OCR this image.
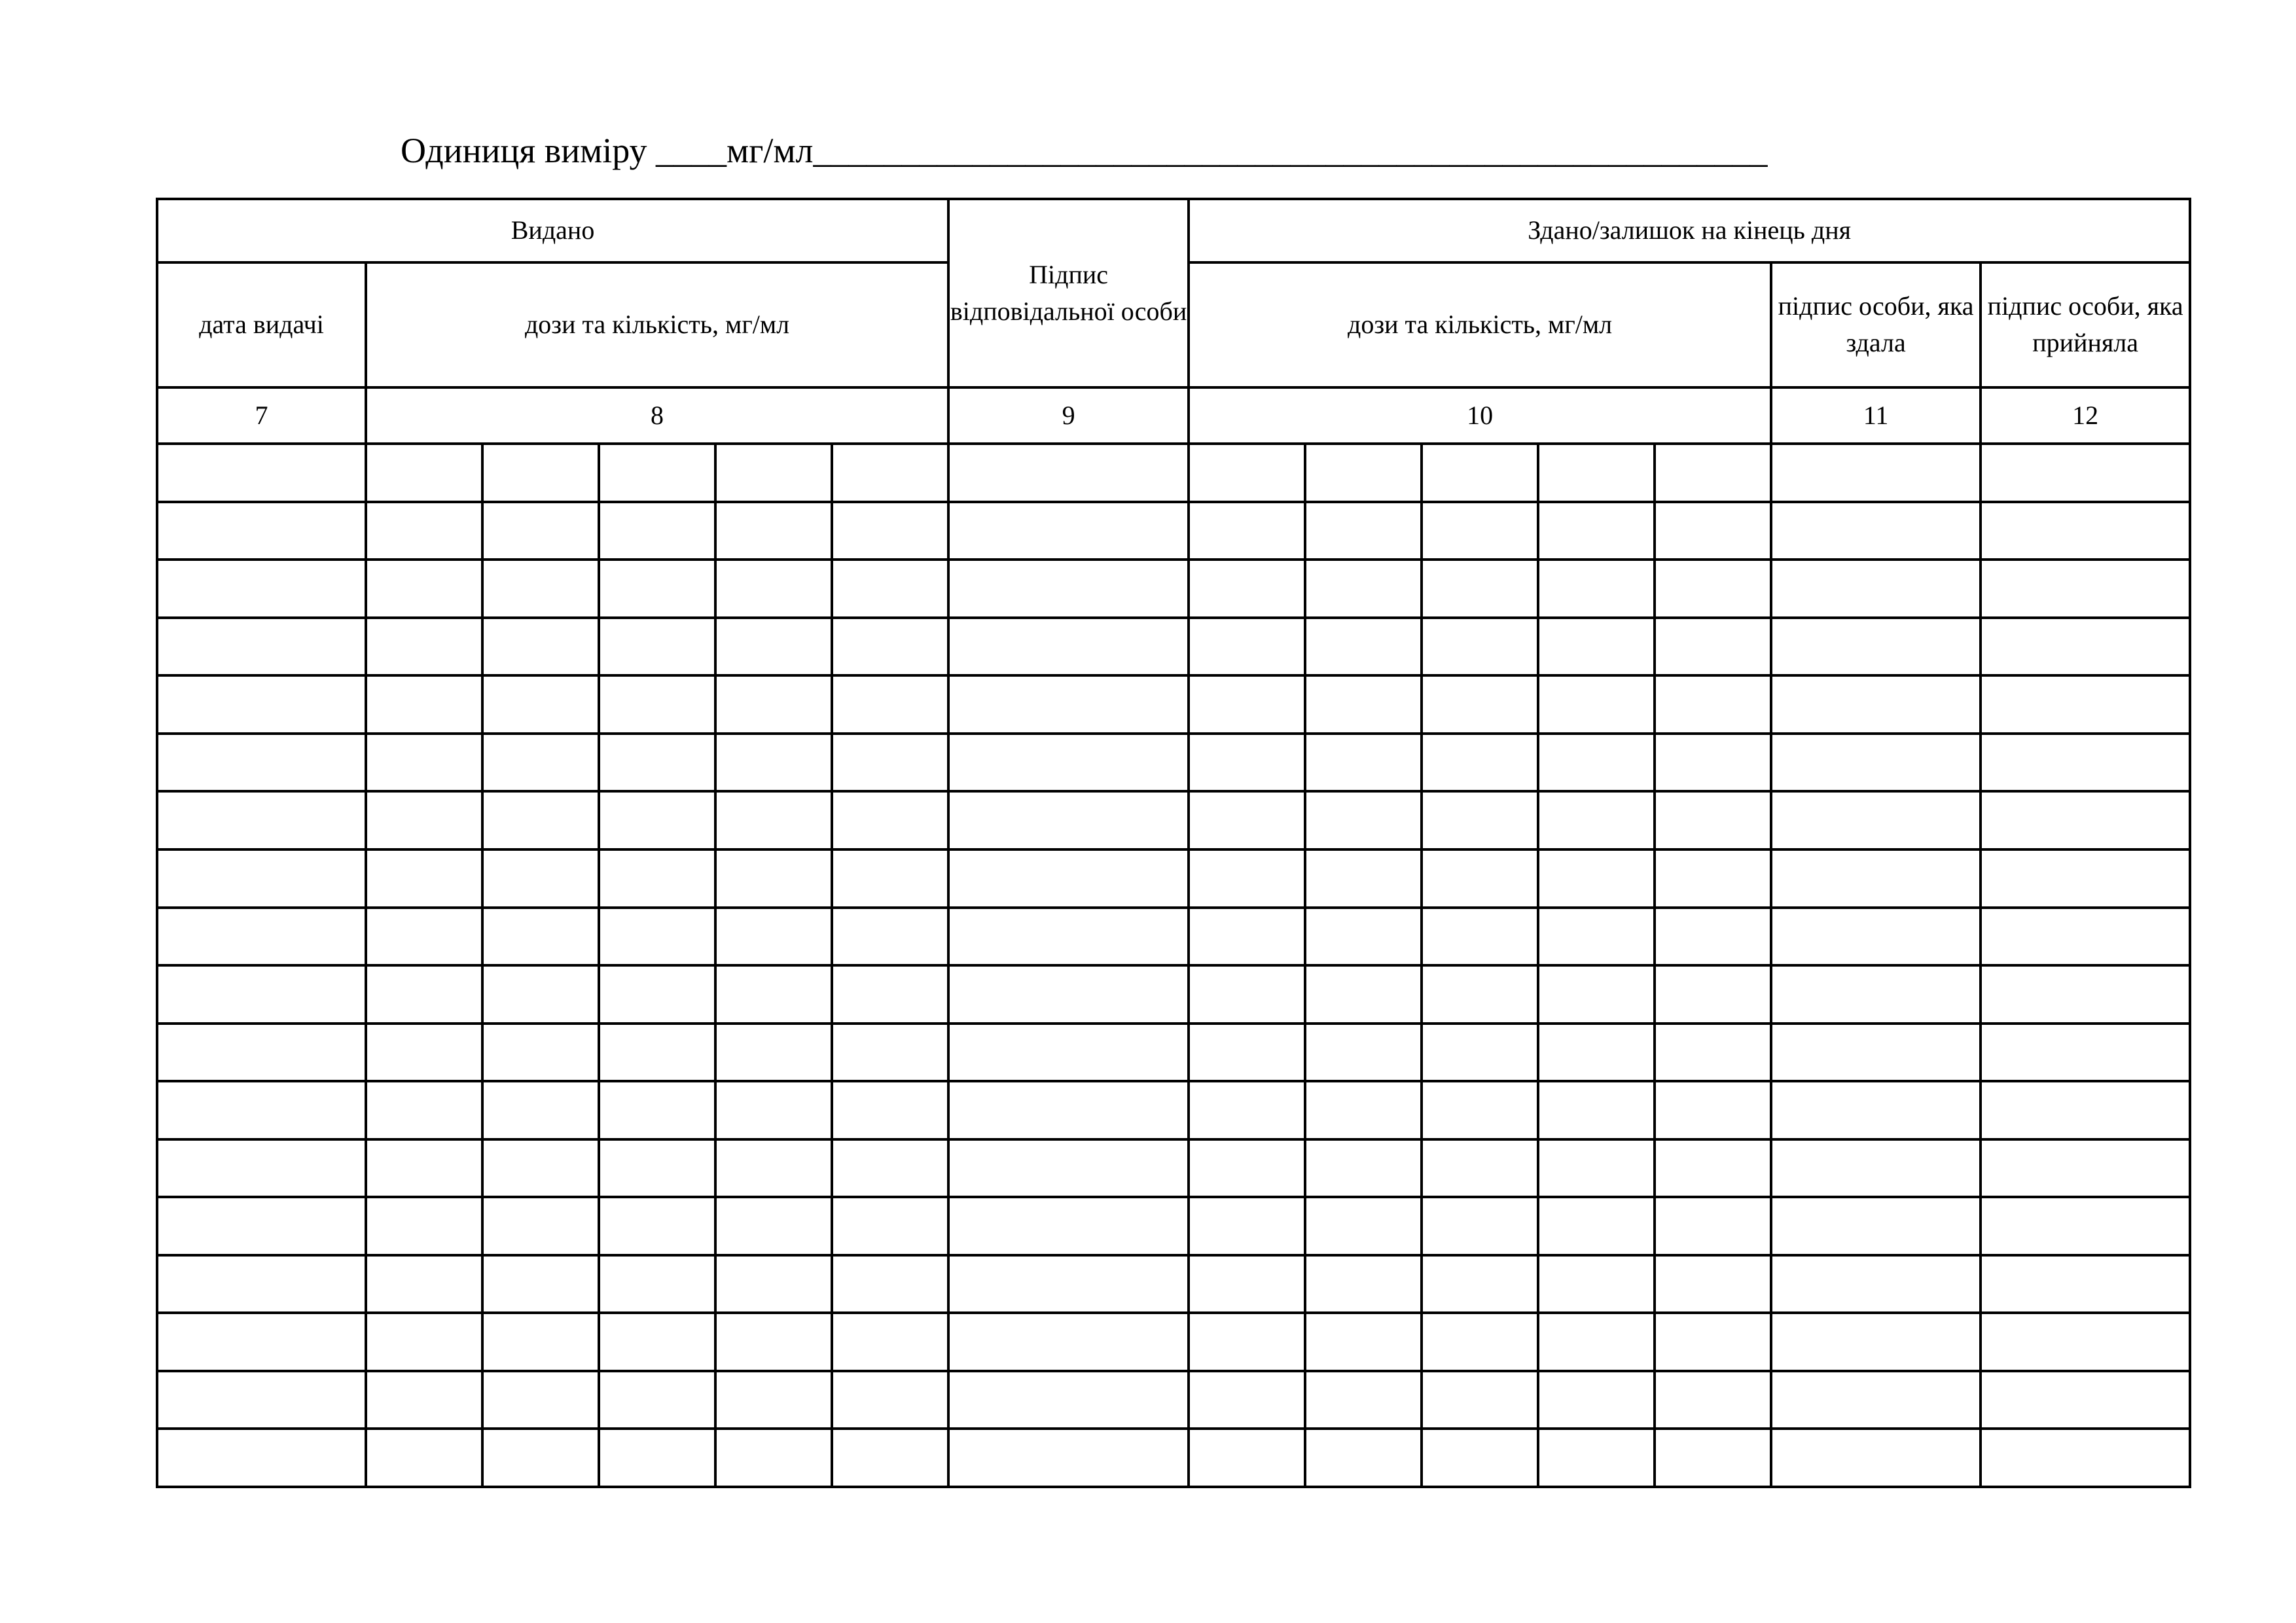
Одиниця виміру ____мг/мл______________________________________________________
Видано						Підпис відповідальної особи	Здано/залишок на кінець дня						
дата видачі	дози та кількість, мг/мл						дози та кількість, мг/мл					підпис особи, яка здала	підпис особи, яка прийняла
7	8					9	10					11	12
